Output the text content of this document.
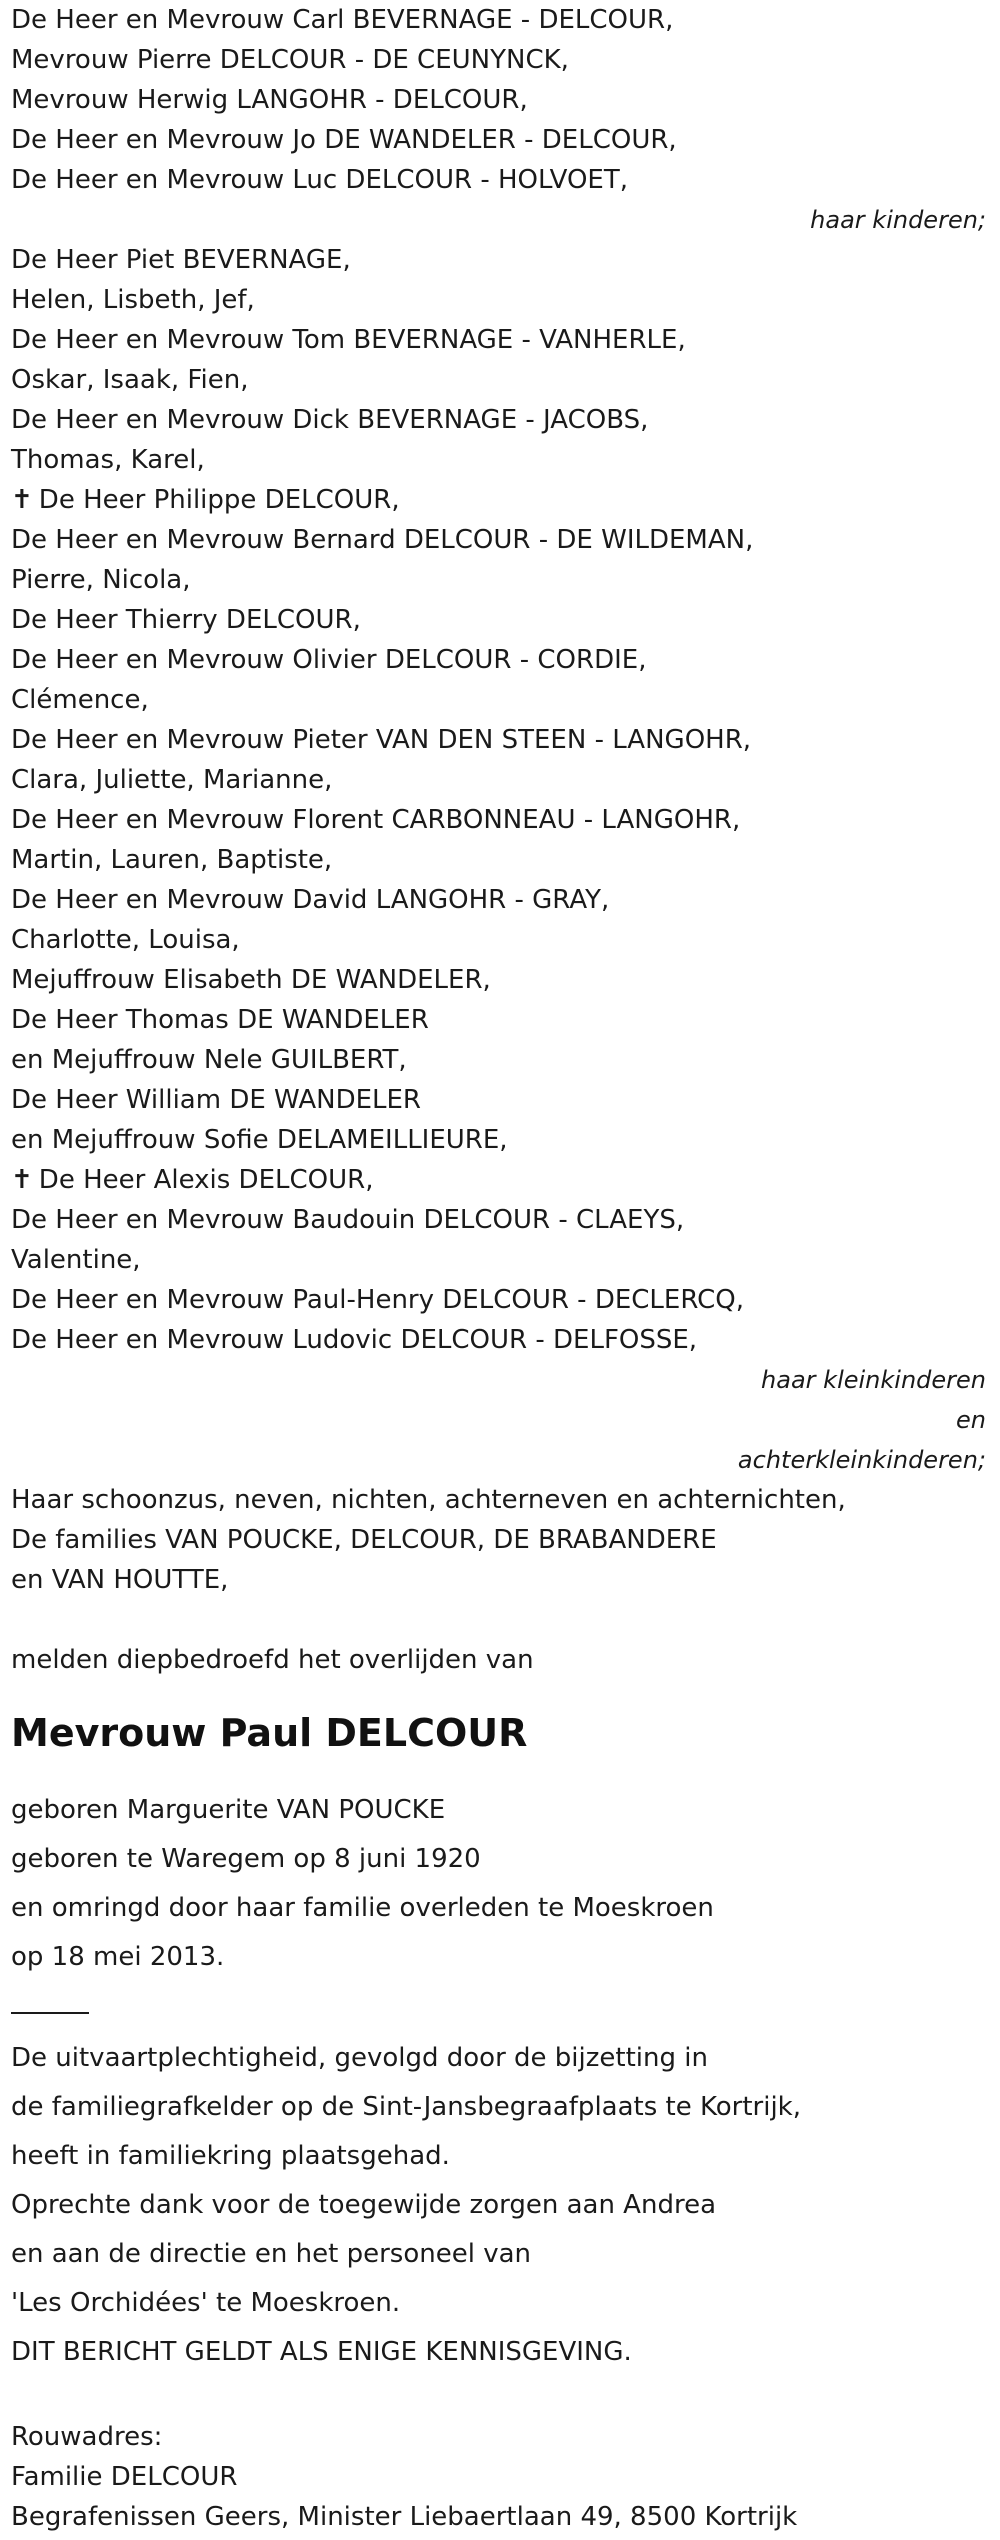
De Heer en Mevrouw Carl BEVERNAGE - DELCOUR,
Mevrouw Pierre DELCOUR - DE CEUNYNCK,
Mevrouw Herwig LANGOHR - DELCOUR,
De Heer en Mevrouw Jo DE WANDELER - DELCOUR,
De Heer en Mevrouw Luc DELCOUR - HOLVOET,
haar kinderen;
De Heer Piet BEVERNAGE,
Helen, Lisbeth, Jef,
De Heer en Mevrouw Tom BEVERNAGE - VANHERLE,
Oskar, Isaak, Fien,
De Heer en Mevrouw Dick BEVERNAGE - JACOBS,
Thomas, Karel,
✝ De Heer Philippe DELCOUR,
De Heer en Mevrouw Bernard DELCOUR - DE WILDEMAN,
Pierre, Nicola,
De Heer Thierry DELCOUR,
De Heer en Mevrouw Olivier DELCOUR - CORDIE,
Clémence,
De Heer en Mevrouw Pieter VAN DEN STEEN - LANGOHR,
Clara, Juliette, Marianne,
De Heer en Mevrouw Florent CARBONNEAU - LANGOHR,
Martin, Lauren, Baptiste,
De Heer en Mevrouw David LANGOHR - GRAY,
Charlotte, Louisa,
Mejuffrouw Elisabeth DE WANDELER,
De Heer Thomas DE WANDELER
en Mejuffrouw Nele GUILBERT,
De Heer William DE WANDELER
en Mejuffrouw Sofie DELAMEILLIEURE,
✝ De Heer Alexis DELCOUR,
De Heer en Mevrouw Baudouin DELCOUR - CLAEYS,
Valentine,
De Heer en Mevrouw Paul-Henry DELCOUR - DECLERCQ,
De Heer en Mevrouw Ludovic DELCOUR - DELFOSSE,
haar kleinkinderen
en
achterkleinkinderen;
Haar schoonzus, neven, nichten, achterneven en achternichten,
De families VAN POUCKE, DELCOUR, DE BRABANDERE
en VAN HOUTTE,
melden diepbedroefd het overlijden van
Mevrouw Paul DELCOUR
geboren Marguerite VAN POUCKE
geboren te Waregem op 8 juni 1920
en omringd door haar familie overleden te Moeskroen
op 18 mei 2013.
De uitvaartplechtigheid, gevolgd door de bijzetting in
de familiegrafkelder op de Sint-Jansbegraafplaats te Kortrijk,
heeft in familiekring plaatsgehad.
Oprechte dank voor de toegewijde zorgen aan Andrea
en aan de directie en het personeel van
'Les Orchidées' te Moeskroen.
DIT BERICHT GELDT ALS ENIGE KENNISGEVING.
Rouwadres:
Familie DELCOUR
Begrafenissen Geers, Minister Liebaertlaan 49, 8500 Kortrijk
